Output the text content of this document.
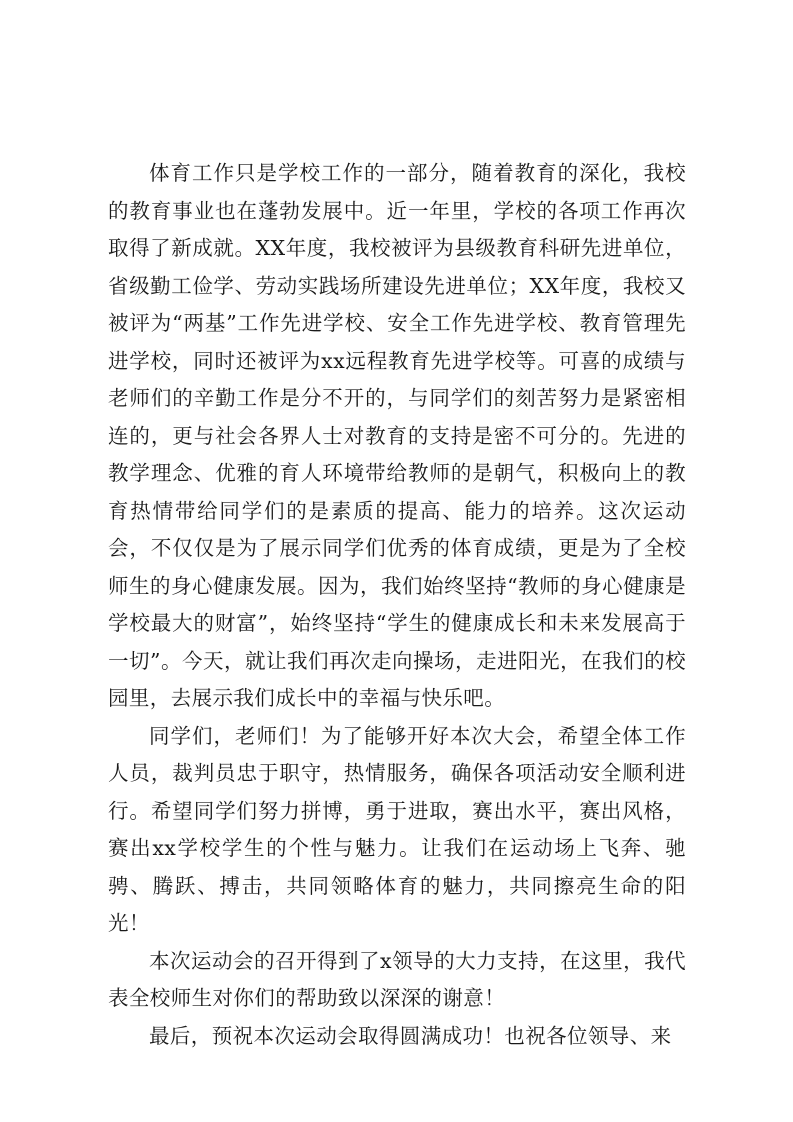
体育工作只是学校工作的一部分，随着教育的深化，我校的教育事业也在蓬勃发展中。近一年里，学校的各项工作再次取得了新成就。XX年度，我校被评为县级教育科研先进单位，省级勤工俭学、劳动实践场所建设先进单位；XX年度，我校又被评为“两基”工作先进学校、安全工作先进学校、教育管理先进学校，同时还被评为xx远程教育先进学校等。可喜的成绩与老师们的辛勤工作是分不开的，与同学们的刻苦努力是紧密相连的，更与社会各界人士对教育的支持是密不可分的。先进的教学理念、优雅的育人环境带给教师的是朝气，积极向上的教育热情带给同学们的是素质的提高、能力的培养。这次运动会，不仅仅是为了展示同学们优秀的体育成绩，更是为了全校师生的身心健康发展。因为，我们始终坚持“教师的身心健康是学校最大的财富”，始终坚持“学生的健康成长和未来发展高于一切”。今天，就让我们再次走向操场，走进阳光，在我们的校园里，去展示我们成长中的幸福与快乐吧。

同学们，老师们！为了能够开好本次大会，希望全体工作人员，裁判员忠于职守，热情服务，确保各项活动安全顺利进行。希望同学们努力拼博，勇于进取，赛出水平，赛出风格，赛出xx学校学生的个性与魅力。让我们在运动场上飞奔、驰骋、腾跃、搏击，共同领略体育的魅力，共同擦亮生命的阳光！

本次运动会的召开得到了x领导的大力支持，在这里，我代表全校师生对你们的帮助致以深深的谢意！

最后，预祝本次运动会取得圆满成功！也祝各位领导、来
